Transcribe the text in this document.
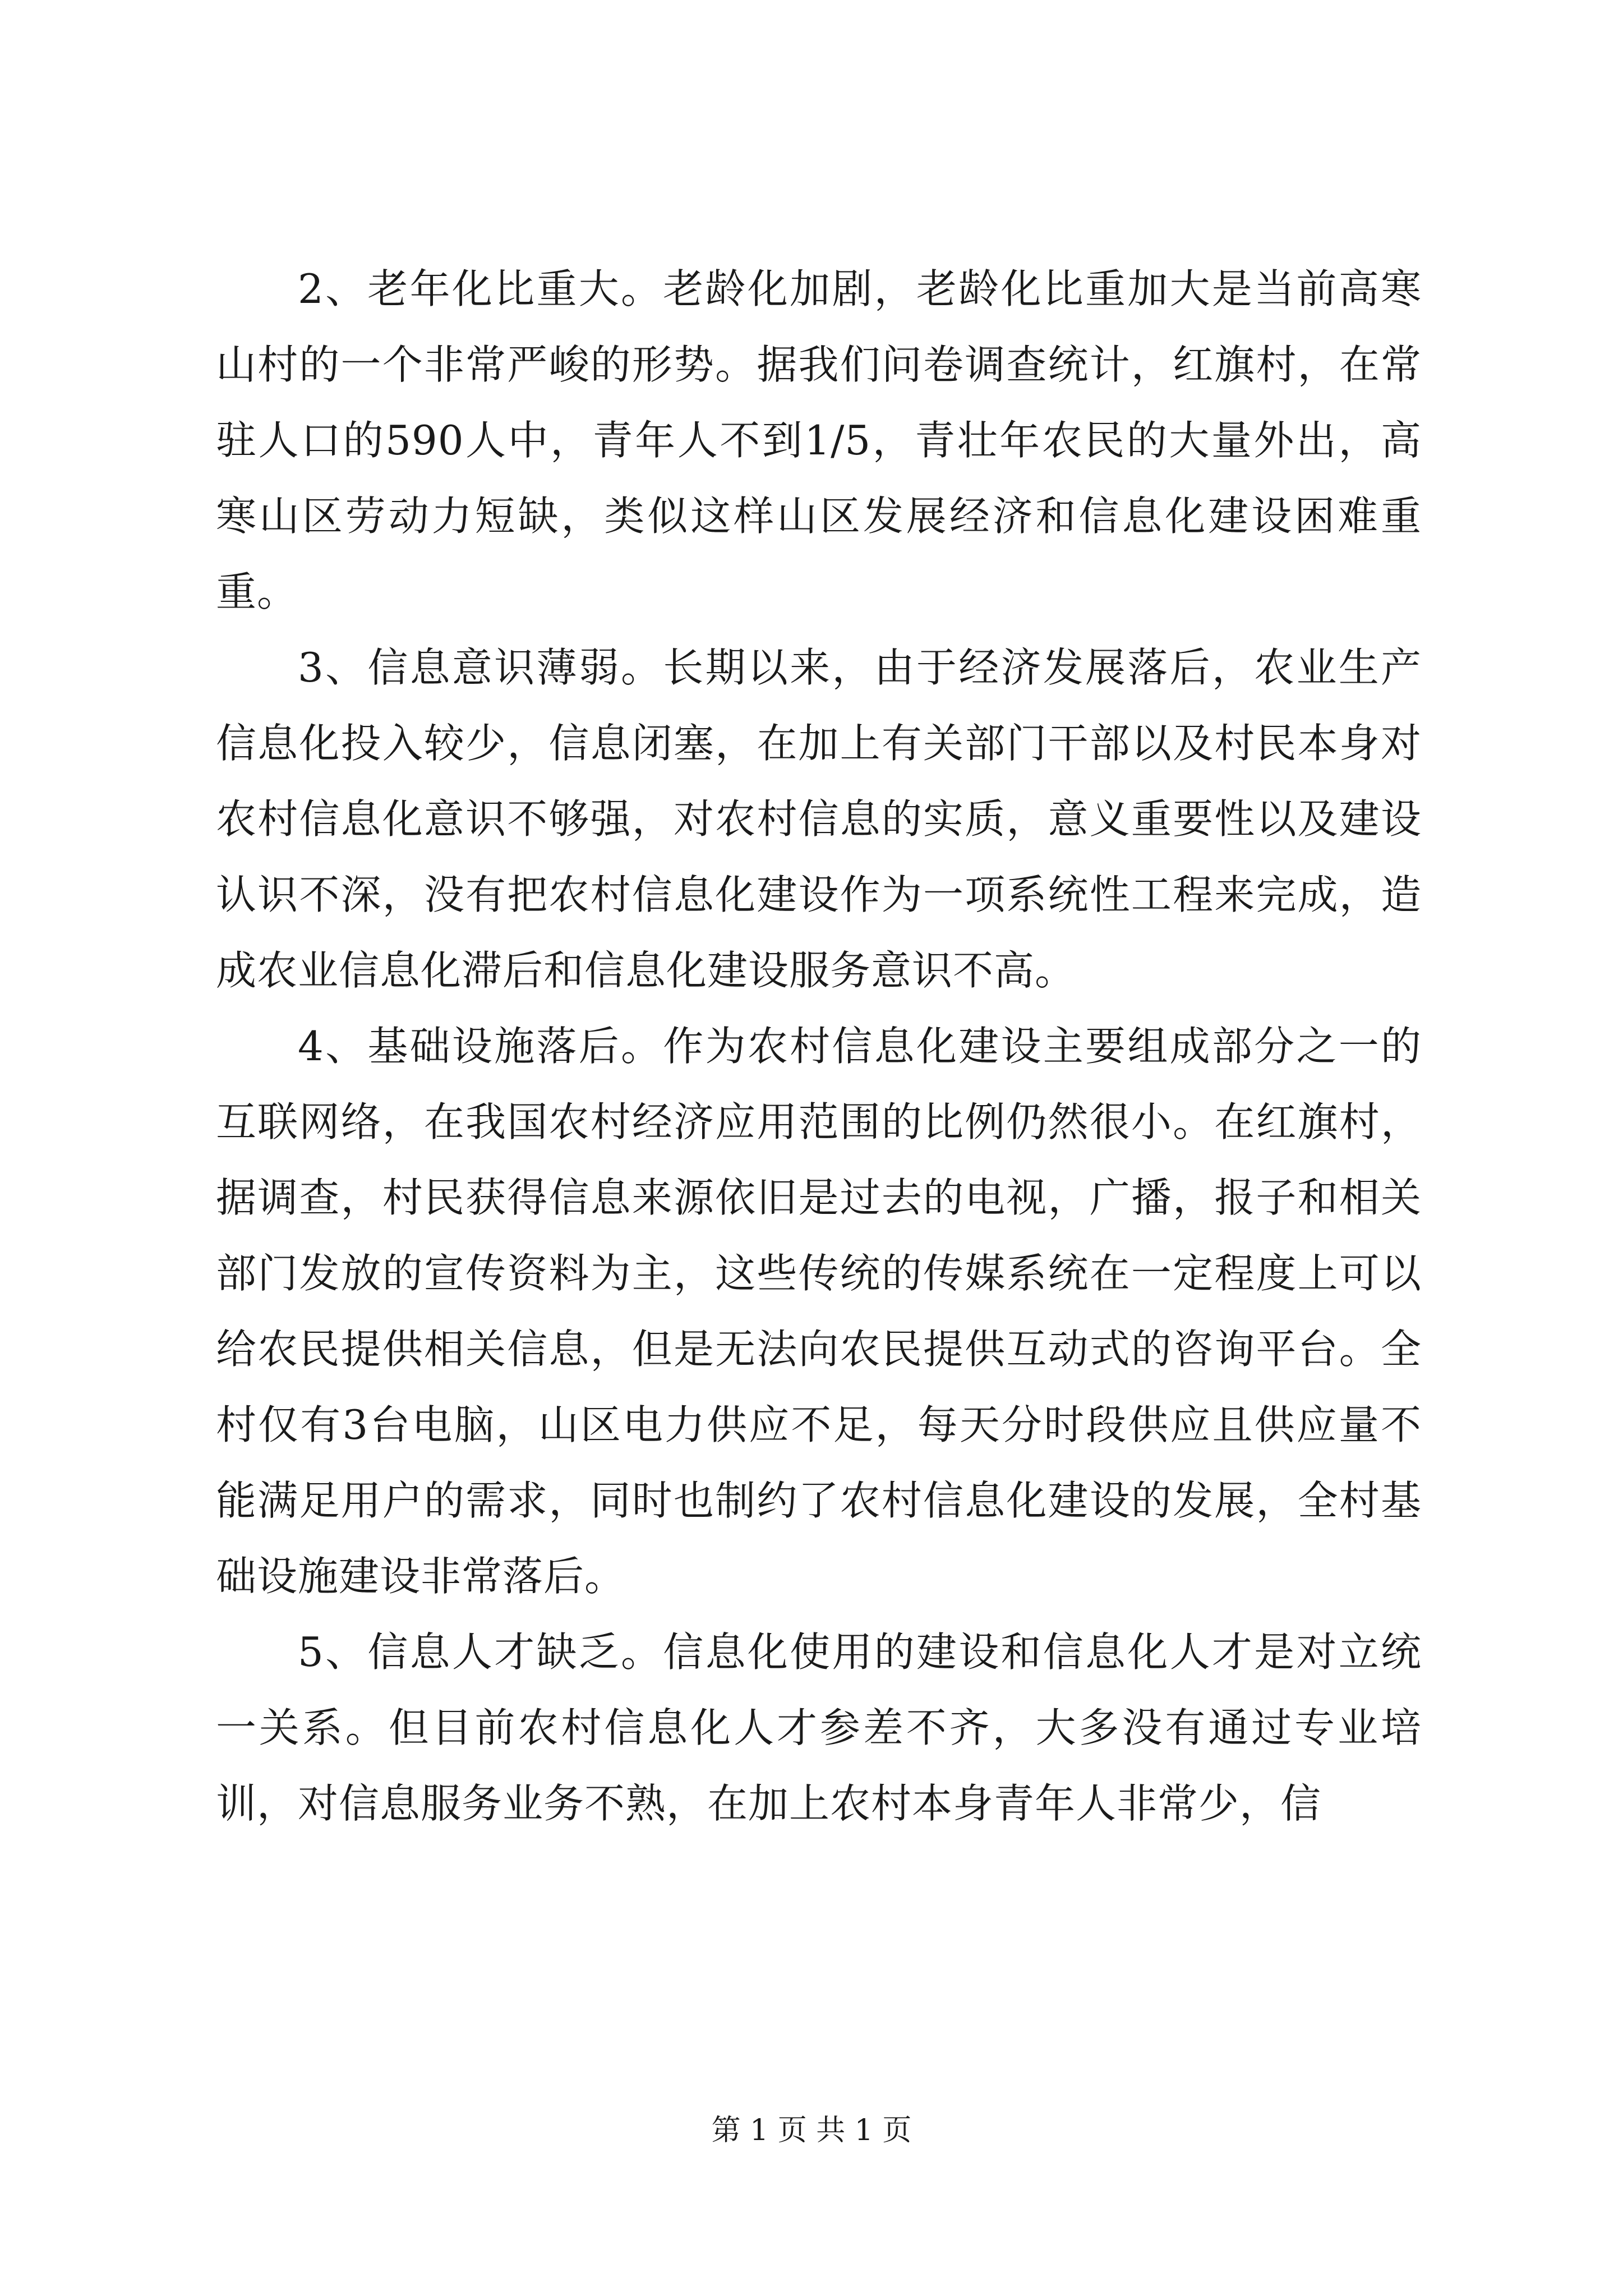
2、老年化比重大。老龄化加剧，老龄化比重加大是当前高寒山村的一个非常严峻的形势。据我们问卷调查统计，红旗村，在常驻人口的590人中，青年人不到1/5，青壮年农民的大量外出，高寒山区劳动力短缺，类似这样山区发展经济和信息化建设困难重重。

3、信息意识薄弱。长期以来，由于经济发展落后，农业生产信息化投入较少，信息闭塞，在加上有关部门干部以及村民本身对农村信息化意识不够强，对农村信息的实质，意义重要性以及建设认识不深，没有把农村信息化建设作为一项系统性工程来完成，造成农业信息化滞后和信息化建设服务意识不高。

4、基础设施落后。作为农村信息化建设主要组成部分之一的互联网络，在我国农村经济应用范围的比例仍然很小。在红旗村，据调查，村民获得信息来源依旧是过去的电视，广播，报子和相关部门发放的宣传资料为主，这些传统的传媒系统在一定程度上可以给农民提供相关信息，但是无法向农民提供互动式的咨询平台。全村仅有3台电脑，山区电力供应不足，每天分时段供应且供应量不能满足用户的需求，同时也制约了农村信息化建设的发展，全村基础设施建设非常落后。

5、信息人才缺乏。信息化使用的建设和信息化人才是对立统一关系。但目前农村信息化人才参差不齐，大多没有通过专业培训，对信息服务业务不熟，在加上农村本身青年人非常少，信

第 1 页 共 1 页
